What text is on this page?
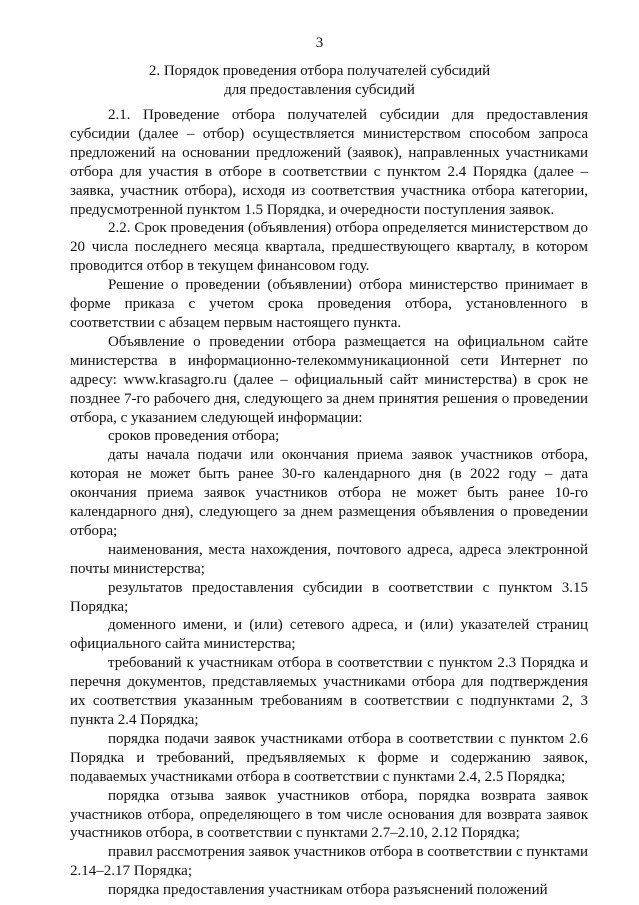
3
2. Порядок проведения отбора получателей субсидий
для предоставления субсидий

2.1. Проведение отбора получателей субсидии для предоставления субсидии (далее – отбор) осуществляется министерством способом запроса предложений на основании предложений (заявок), направленных участниками отбора для участия в отборе в соответствии с пунктом 2.4 Порядка (далее – заявка, участник отбора), исходя из соответствия участника отбора категории, предусмотренной пунктом 1.5 Порядка, и очередности поступления заявок.

2.2. Срок проведения (объявления) отбора определяется министерством до 20 числа последнего месяца квартала, предшествующего кварталу, в котором проводится отбор в текущем финансовом году.

Решение о проведении (объявлении) отбора министерство принимает в форме приказа с учетом срока проведения отбора, установленного в соответствии с абзацем первым настоящего пункта.

Объявление о проведении отбора размещается на официальном сайте министерства в информационно-телекоммуникационной сети Интернет по адресу: www.krasagro.ru (далее – официальный сайт министерства) в срок не позднее 7-го рабочего дня, следующего за днем принятия решения о проведении отбора, с указанием следующей информации:

сроков проведения отбора;

даты начала подачи или окончания приема заявок участников отбора, которая не может быть ранее 30-го календарного дня (в 2022 году – дата окончания приема заявок участников отбора не может быть ранее 10-го календарного дня), следующего за днем размещения объявления о проведении отбора;

наименования, места нахождения, почтового адреса, адреса электронной почты министерства;

результатов предоставления субсидии в соответствии с пунктом 3.15 Порядка;

доменного имени, и (или) сетевого адреса, и (или) указателей страниц официального сайта министерства;

требований к участникам отбора в соответствии с пунктом 2.3 Порядка и перечня документов, представляемых участниками отбора для подтверждения их соответствия указанным требованиям в соответствии с подпунктами 2, 3 пункта 2.4 Порядка;

порядка подачи заявок участниками отбора в соответствии с пунктом 2.6 Порядка и требований, предъявляемых к форме и содержанию заявок, подаваемых участниками отбора в соответствии с пунктами 2.4, 2.5 Порядка;

порядка отзыва заявок участников отбора, порядка возврата заявок участников отбора, определяющего в том числе основания для возврата заявок участников отбора, в соответствии с пунктами 2.7–2.10, 2.12 Порядка;

правил рассмотрения заявок участников отбора в соответствии с пунктами 2.14–2.17 Порядка;

порядка предоставления участникам отбора разъяснений положений
